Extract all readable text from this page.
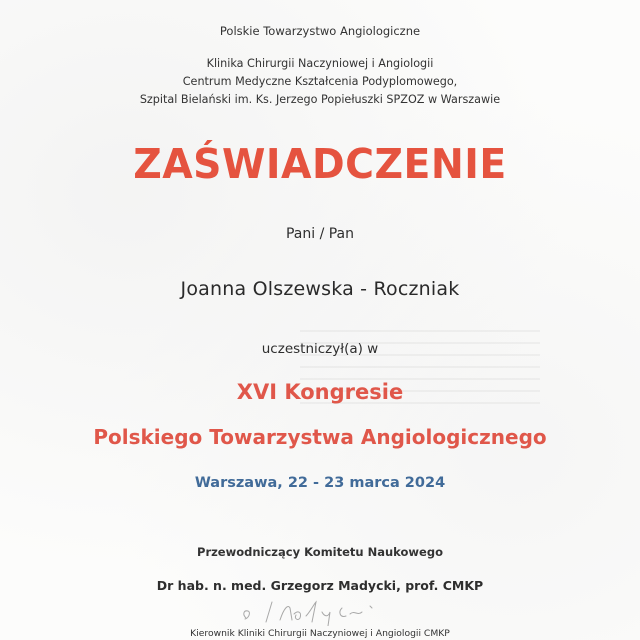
Polskie Towarzystwo Angiologiczne
Klinika Chirurgii Naczyniowej i Angiologii
Centrum Medyczne Kształcenia Podyplomowego,
Szpital Bielański im. Ks. Jerzego Popiełuszki SPZOZ w Warszawie
ZAŚWIADCZENIE
Pani / Pan
Joanna Olszewska - Roczniak
uczestniczył(a) w
XVI Kongresie
Polskiego Towarzystwa Angiologicznego
Warszawa, 22 - 23 marca 2024
Przewodniczący Komitetu Naukowego
Dr hab. n. med. Grzegorz Madycki, prof. CMKP
Kierownik Kliniki Chirurgii Naczyniowej i Angiologii CMKP
